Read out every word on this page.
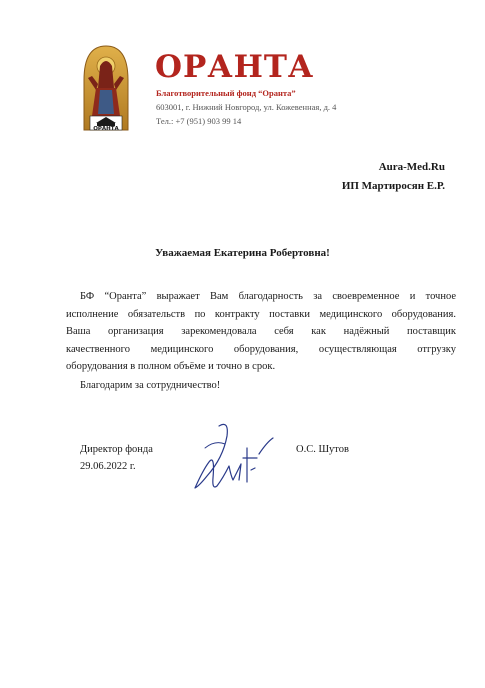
ОРАНТА
ОРАНТА
Благотворительный фонд “Оранта”
603001, г. Нижний Новгород, ул. Кожевенная, д. 4
Тел.: +7 (951) 903 99 14
Aura-Med.Ru
ИП Мартиросян Е.Р.
Уважаемая Екатерина Робертовна!
БФ “Оранта” выражает Вам благодарность за своевременное и точное
исполнение обязательств по контракту поставки медицинского оборудования.
Ваша организация зарекомендовала себя как надёжный поставщик
качественного медицинского оборудования, осуществляющая отгрузку
оборудования в полном объёме и точно в срок.
Благодарим за сотрудничество!
Директор фонда
29.06.2022 г.
О.С. Шутов
